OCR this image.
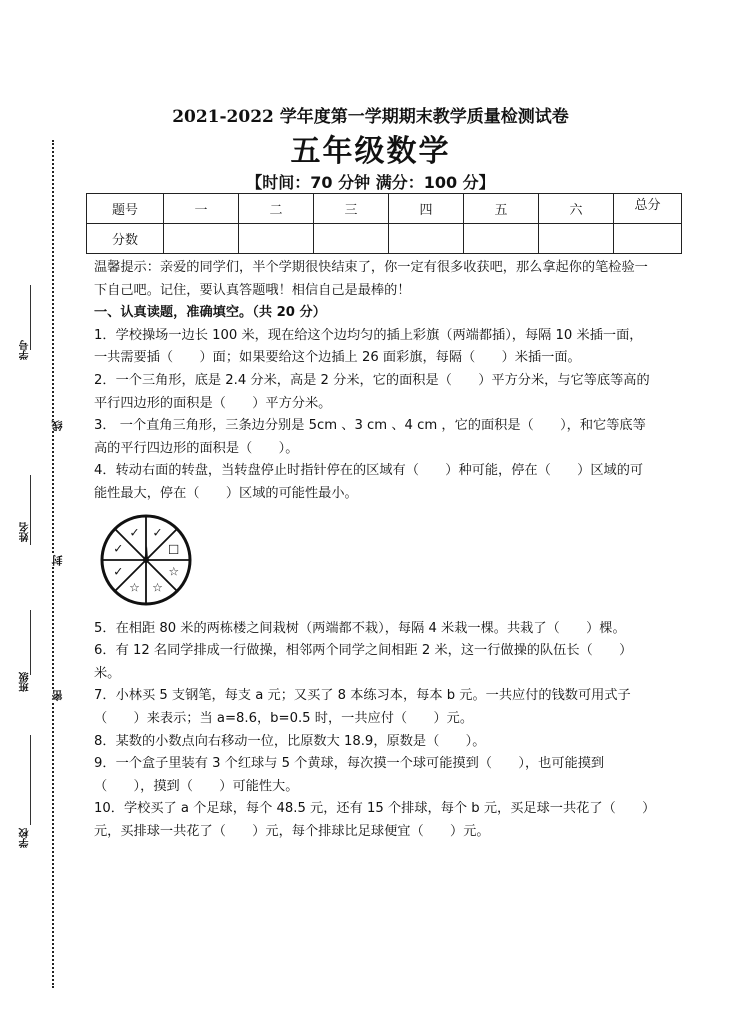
学号
姓名
班级
学校
线
封
密
2021-2022 学年度第一学期期末教学质量检测试卷
五年级数学
【时间：70 分钟 满分：100 分】
题号	一	二	三	四	五	六	总分
分数							

温馨提示：亲爱的同学们，半个学期很快结束了，你一定有很多收获吧，那么拿起你的笔检验一下自己吧。记住，要认真答题哦！相信自己是最棒的！

一、认真读题，准确填空。（共 20 分）

1．学校操场一边长 100 米，现在给这个边均匀的插上彩旗（两端都插），每隔 10 米插一面，一共需要插（　　）面；如果要给这个边插上 26 面彩旗，每隔（　　）米插一面。

2．一个三角形，底是 2.4 分米，高是 2 分米，它的面积是（　　）平方分米，与它等底等高的平行四边形的面积是（　　）平方分米。

3． 一个直角三角形，三条边分别是 5cm 、3 cm 、4 cm ，它的面积是（　　），和它等底等高的平行四边形的面积是（　　）。

4．转动右面的转盘，当转盘停止时指针停在的区域有（　　）种可能，停在（　　）区域的可能性最大，停在（　　）区域的可能性最小。

✓
□
☆
☆
☆
✓
✓
✓

5．在相距 80 米的两栋楼之间栽树（两端都不栽），每隔 4 米栽一棵。共栽了（　　）棵。

6．有 12 名同学排成一行做操，相邻两个同学之间相距 2 米，这一行做操的队伍长（　　）米。

7．小林买 5 支钢笔，每支 a 元；又买了 8 本练习本，每本 b 元。一共应付的钱数可用式子（　　）来表示；当 a=8.6，b=0.5 时，一共应付（　　）元。

8．某数的小数点向右移动一位，比原数大 18.9，原数是（　　）。

9．一个盒子里装有 3 个红球与 5 个黄球，每次摸一个球可能摸到（　　），也可能摸到（　　），摸到（　　）可能性大。

10．学校买了 a 个足球，每个 48.5 元，还有 15 个排球，每个 b 元，买足球一共花了（　　）元，买排球一共花了（　　）元，每个排球比足球便宜（　　）元。
